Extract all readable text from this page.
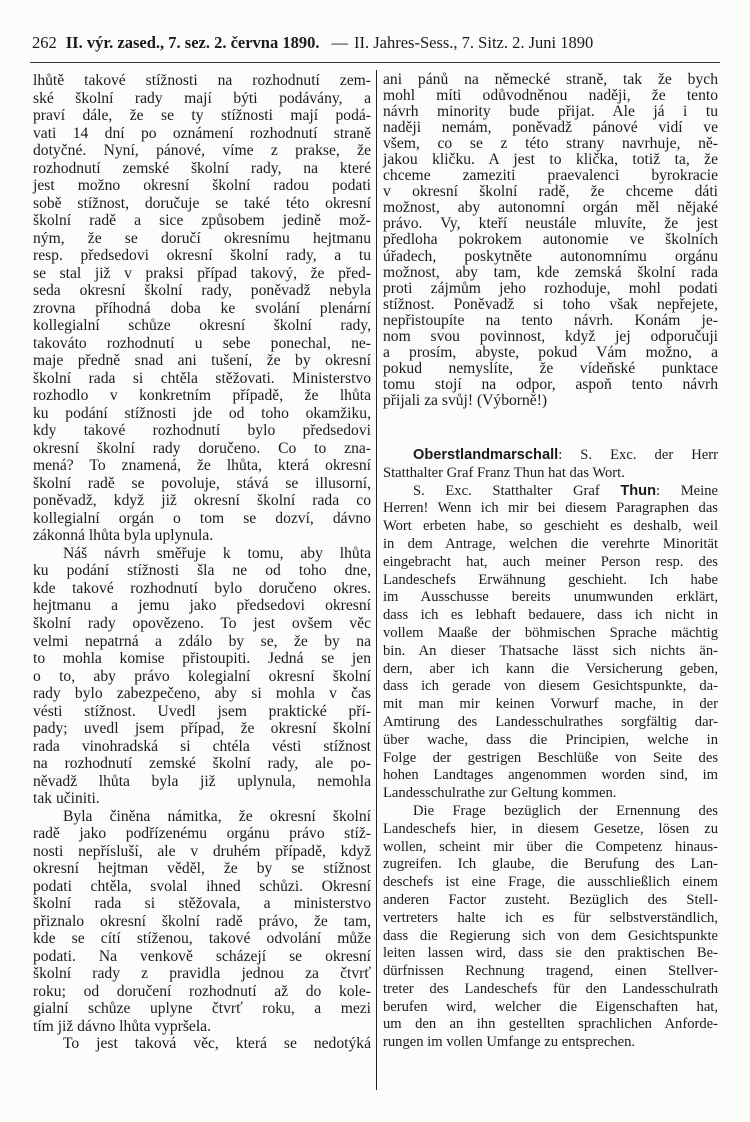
262 II. výr. zased., 7. sez. 2. června 1890. — II. Jahres-Sess., 7. Sitz. 2. Juni 1890
lhůtě takové stížnosti na rozhodnutí zem-
ské školní rady mají býti podávány, a
praví dále, že se ty stížnosti mají podá-
vati 14 dní po oznámení rozhodnutí straně
dotyčné. Nyní, pánové, víme z prakse, že
rozhodnutí zemské školní rady, na které
jest možno okresní školní radou podati
sobě stížnost, doručuje se také této okresní
školní radě a sice způsobem jedině mož-
ným, že se doručí okresnímu hejtmanu
resp. předsedovi okresní školní rady, a tu
se stal již v praksi případ takový, že před-
seda okresní školní rady, poněvadž nebyla
zrovna příhodná doba ke svolání plenární
kollegialní schůze okresní školní rady,
takováto rozhodnutí u sebe ponechal, ne-
maje předně snad ani tušení, že by okresní
školní rada si chtěla stěžovati. Ministerstvo
rozhodlo v konkretním případě, že lhůta
ku podání stížnosti jde od toho okamžiku,
kdy takové rozhodnutí bylo předsedovi
okresní školní rady doručeno. Co to zna-
mená? To znamená, že lhůta, která okresní
školní radě se povoluje, stává se illusorní,
poněvadž, když již okresní školní rada co
kollegialní orgán o tom se dozví, dávno
zákonná lhůta byla uplynula.
Náš návrh směřuje k tomu, aby lhůta
ku podání stížnosti šla ne od toho dne,
kde takové rozhodnutí bylo doručeno okres.
hejtmanu a jemu jako předsedovi okresní
školní rady opovězeno. To jest ovšem věc
velmi nepatrná a zdálo by se, že by na
to mohla komise přistoupiti. Jedná se jen
o to, aby právo kolegialní okresní školní
rady bylo zabezpečeno, aby si mohla v čas
vésti stížnost. Uvedl jsem praktické pří-
pady; uvedl jsem případ, že okresní školní
rada vinohradská si chtéla vésti stížnost
na rozhodnutí zemské školní rady, ale po-
něvadž lhůta byla již uplynula, nemohla
tak učiniti.
Byla činěna námitka, že okresní školní
radě jako podřízenému orgánu právo stíž-
nosti nepřísluší, ale v druhém případě, když
okresní hejtman věděl, že by se stížnost
podati chtěla, svolal ihned schůzi. Okresní
školní rada si stěžovala, a ministerstvo
přiznalo okresní školní radě právo, že tam,
kde se cítí stíženou, takové odvolání může
podati. Na venkově scházejí se okresní
školní rady z pravidla jednou za čtvrť
roku; od doručení rozhodnutí až do kole-
gialní schůze uplyne čtvrť roku, a mezi
tím již dávno lhůta vypršela.
To jest taková věc, která se nedotýká
ani pánů na německé straně, tak že bych
mohl míti odůvodněnou naději, že tento
návrh minority bude přijat. Ale já i tu
naději nemám, poněvadž pánové vidí ve
všem, co se z této strany navrhuje, ně-
jakou kličku. A jest to klička, totiž ta, že
chceme zameziti praevalenci byrokracie
v okresní školní radě, že chceme dáti
možnost, aby autonomní orgán měl nějaké
právo. Vy, kteří neustále mluvíte, že jest
předloha pokrokem autonomie ve školních
úřadech, poskytněte autonomnímu orgánu
možnost, aby tam, kde zemská školní rada
proti zájmům jeho rozhoduje, mohl podati
stížnost. Poněvadž si toho však nepřejete,
nepřistoupíte na tento návrh. Konám je-
nom svou povinnost, když jej odporučuji
a prosím, abyste, pokud Vám možno, a
pokud nemyslíte, že vídeňské punktace
tomu stojí na odpor, aspoň tento návrh
přijali za svůj! (Výborně!)
Oberstlandmarschall: S. Exc. der Herr
Statthalter Graf Franz Thun hat das Wort.
S. Exc. Statthalter Graf Thun: Meine
Herren! Wenn ich mir bei diesem Paragraphen das
Wort erbeten habe, so geschieht es deshalb, weil
in dem Antrage, welchen die verehrte Minorität
eingebracht hat, auch meiner Person resp. des
Landeschefs Erwähnung geschieht. Ich habe
im Ausschusse bereits unumwunden erklärt,
dass ich es lebhaft bedauere, dass ich nicht in
vollem Maaße der böhmischen Sprache mächtig
bin. An dieser Thatsache lässt sich nichts än-
dern, aber ich kann die Versicherung geben,
dass ich gerade von diesem Gesichtspunkte, da-
mit man mir keinen Vorwurf mache, in der
Amtirung des Landesschulrathes sorgfältig dar-
über wache, dass die Principien, welche in
Folge der gestrigen Beschlüße von Seite des
hohen Landtages angenommen worden sind, im
Landesschulrathe zur Geltung kommen.
Die Frage bezüglich der Ernennung des
Landeschefs hier, in diesem Gesetze, lösen zu
wollen, scheint mir über die Competenz hinaus-
zugreifen. Ich glaube, die Berufung des Lan-
deschefs ist eine Frage, die ausschließlich einem
anderen Factor zusteht. Bezüglich des Stell-
vertreters halte ich es für selbstverständlich,
dass die Regierung sich von dem Gesichtspunkte
leiten lassen wird, dass sie den praktischen Be-
dürfnissen Rechnung tragend, einen Stellver-
treter des Landeschefs für den Landesschulrath
berufen wird, welcher die Eigenschaften hat,
um den an ihn gestellten sprachlichen Anforde-
rungen im vollen Umfange zu entsprechen.
